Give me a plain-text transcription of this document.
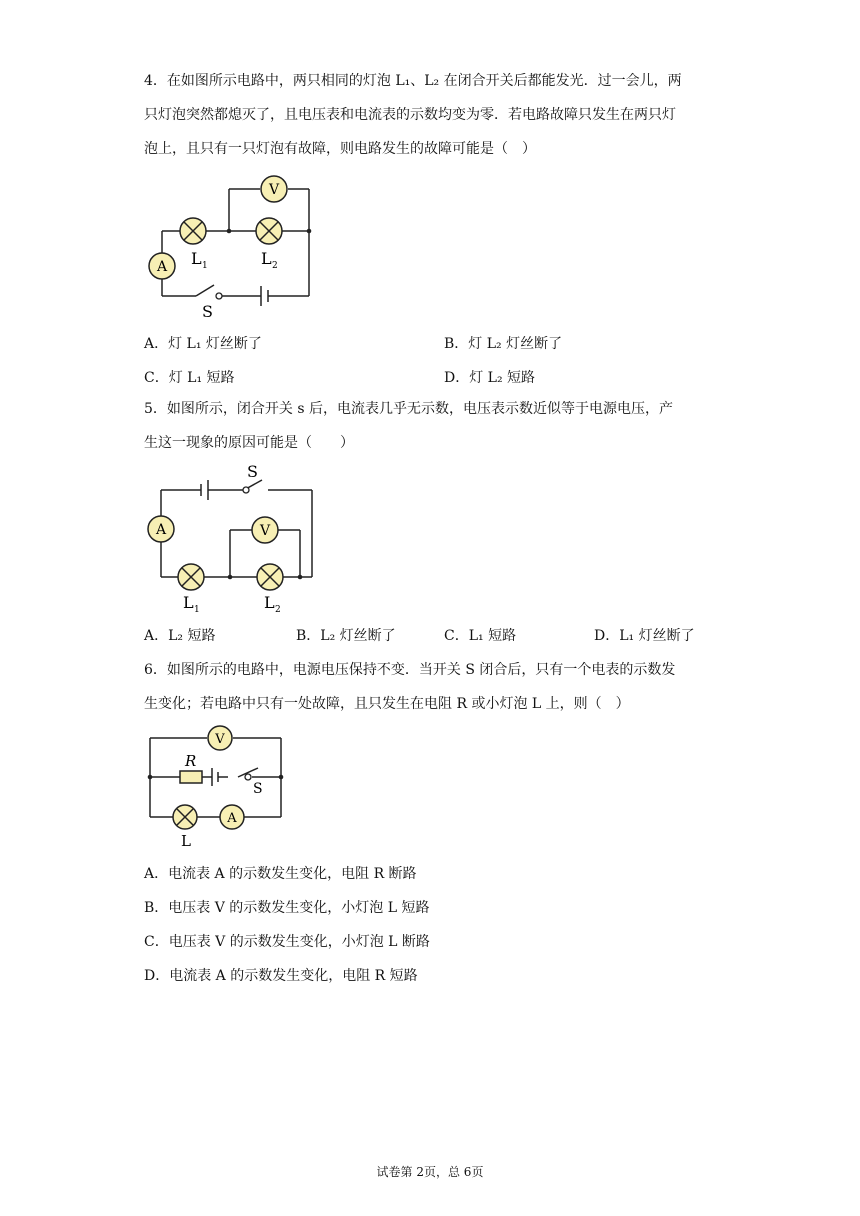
4．在如图所示电路中，两只相同的灯泡 L₁、L₂ 在闭合开关后都能发光．过一会儿，两
只灯泡突然都熄灭了，且电压表和电流表的示数均变为零．若电路故障只发生在两只灯
泡上，且只有一只灯泡有故障，则电路发生的故障可能是（　）
V
A L 1	L 2
S
A．灯 L₁ 灯丝断了	B．灯 L₂ 灯丝断了
C．灯 L₁ 短路	D．灯 L₂ 短路
5．如图所示，闭合开关 s 后，电流表几乎无示数，电压表示数近似等于电源电压，产
生这一现象的原因可能是（　　）
A	V
S
L 1	L 2
A．L₂ 短路	B．L₂ 灯丝断了	C．L₁ 短路	D．L₁ 灯丝断了
6．如图所示的电路中，电源电压保持不变．当开关 S 闭合后，只有一个电表的示数发
生变化；若电路中只有一处故障，且只发生在电阻 R 或小灯泡 L 上，则（　）
V
A
R
S
L
A．电流表 A 的示数发生变化，电阻 R 断路
B．电压表 V 的示数发生变化，小灯泡 L 短路
C．电压表 V 的示数发生变化，小灯泡 L 断路
D．电流表 A 的示数发生变化，电阻 R 短路
试卷第 2页，总 6页
